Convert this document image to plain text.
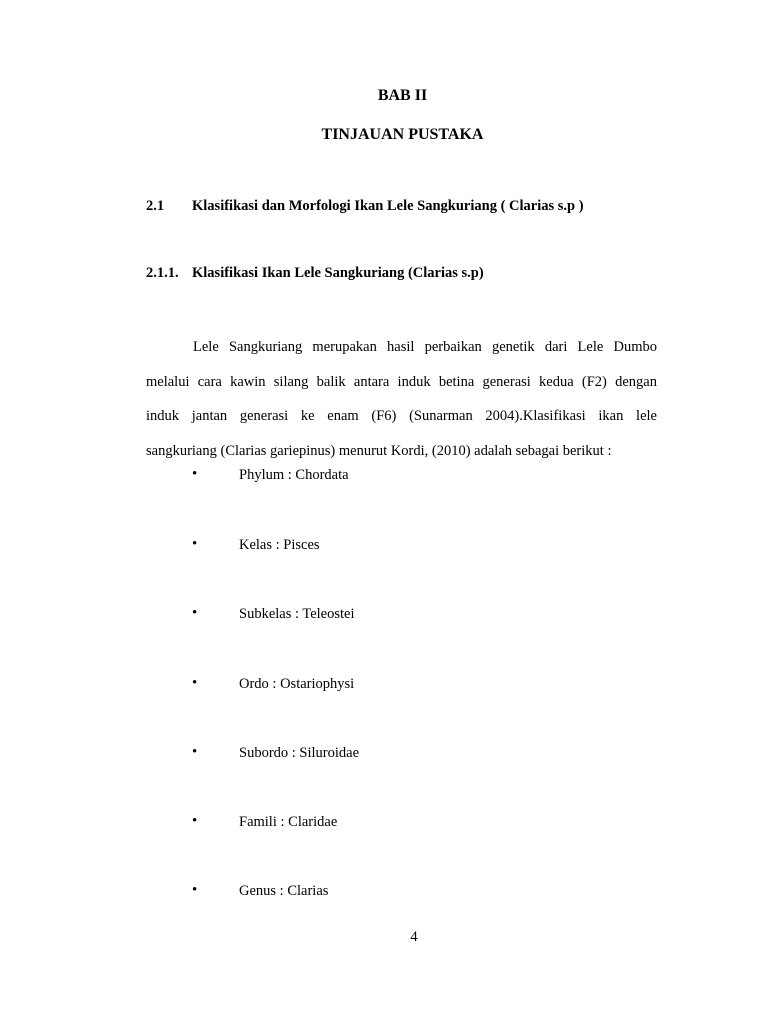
BAB II
TINJAUAN PUSTAKA
2.1 Klasifikasi dan Morfologi Ikan Lele Sangkuriang ( Clarias s.p )
2.1.1. Klasifikasi Ikan Lele Sangkuriang (Clarias s.p)
Lele Sangkuriang merupakan hasil perbaikan genetik dari Lele Dumbo
melalui cara kawin silang balik antara induk betina generasi kedua (F2) dengan
induk jantan generasi ke enam (F6) (Sunarman 2004).Klasifikasi ikan lele
sangkuriang (Clarias gariepinus) menurut Kordi, (2010) adalah sebagai berikut :
•	Phylum : Chordata
•	Kelas : Pisces
•	Subkelas : Teleostei
•	Ordo : Ostariophysi
•	Subordo : Siluroidae
•	Famili : Claridae
•	Genus : Clarias
4
